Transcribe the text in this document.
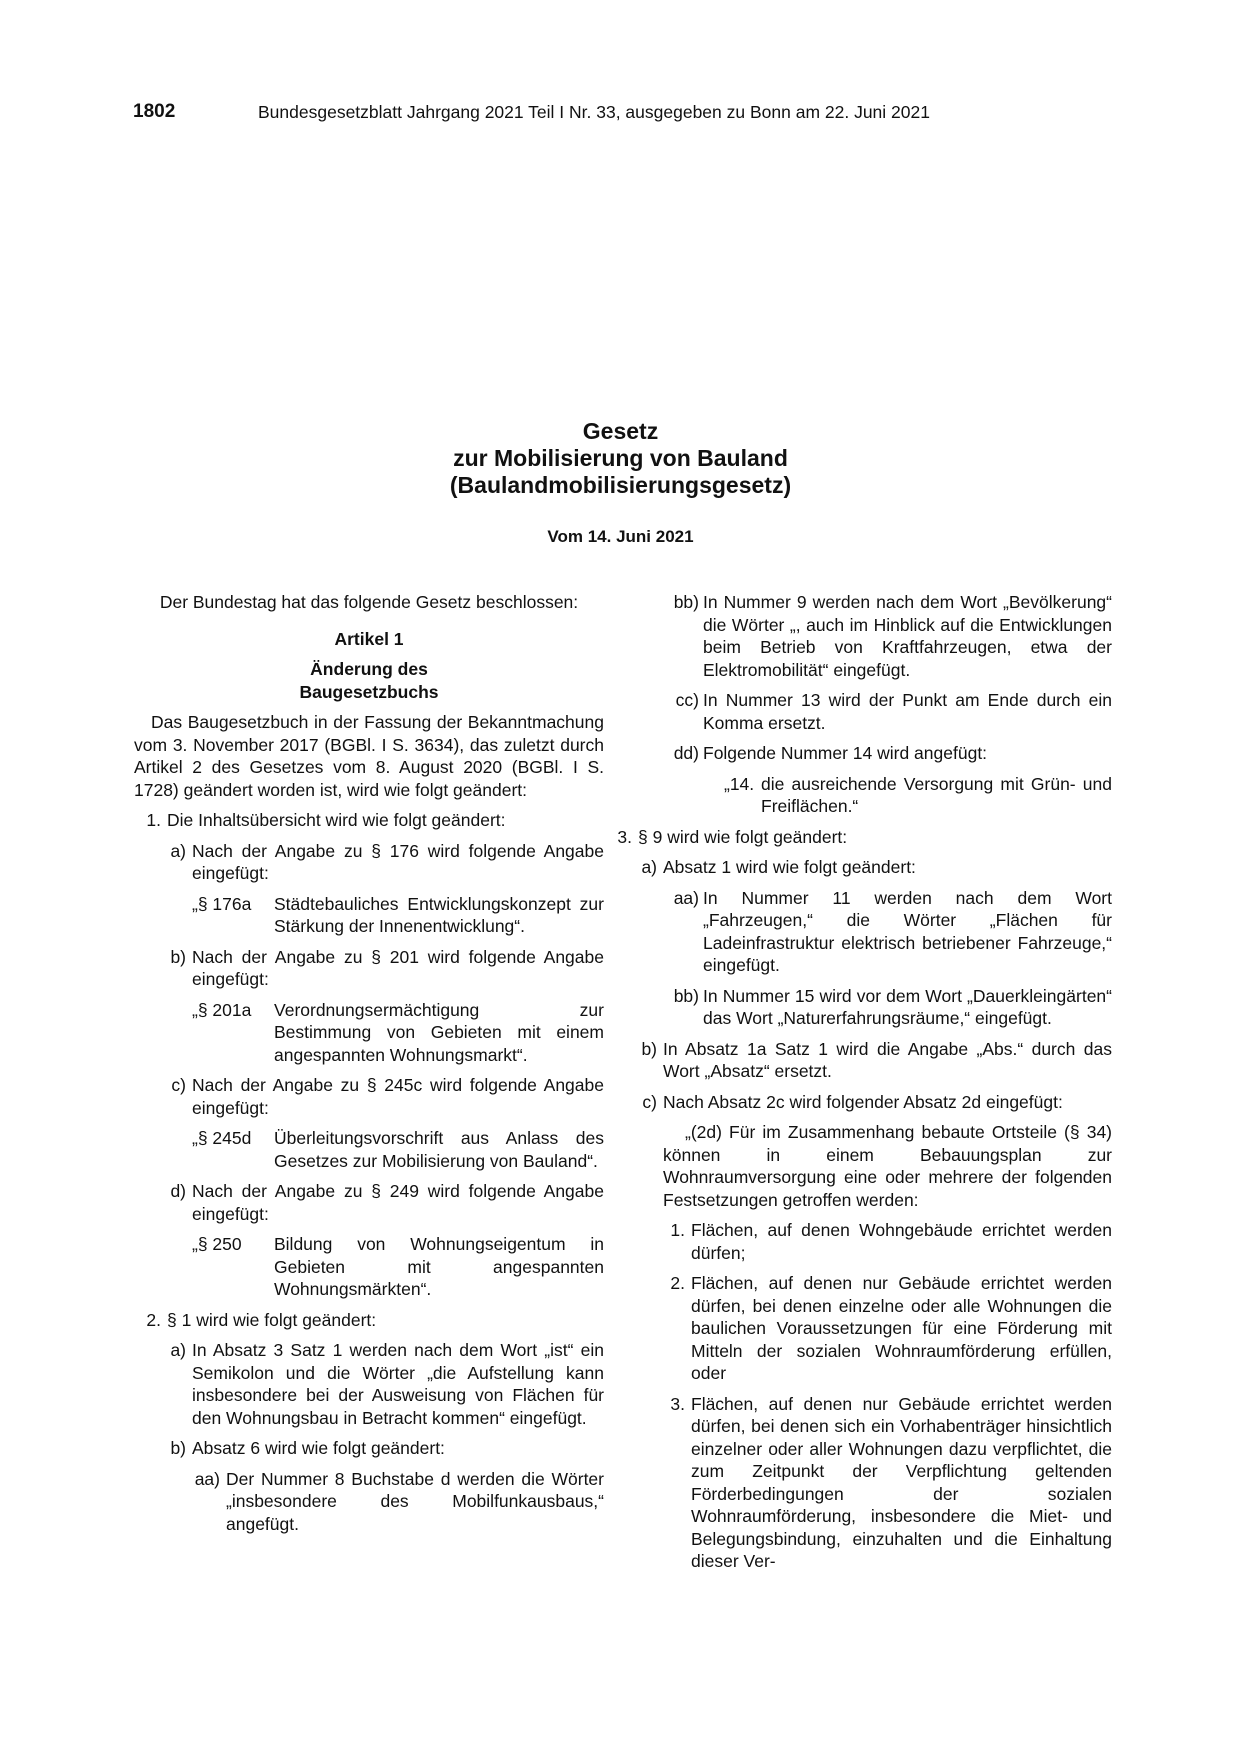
1802	Bundesgesetzblatt Jahrgang 2021 Teil I Nr. 33, ausgegeben zu Bonn am 22. Juni 2021
Gesetz
zur Mobilisierung von Bauland
(Baulandmobilisierungsgesetz)
Vom 14. Juni 2021

Der Bundestag hat das folgende Gesetz beschlossen:

Artikel 1
Änderung des
Baugesetzbuchs

Das Baugesetzbuch in der Fassung der Bekanntmachung vom 3. November 2017 (BGBl. I S. 3634), das zuletzt durch Artikel 2 des Gesetzes vom 8. August 2020 (BGBl. I S. 1728) geändert worden ist, wird wie folgt geändert:

1. Die Inhaltsübersicht wird wie folgt geändert:
a) Nach der Angabe zu § 176 wird folgende Angabe eingefügt:
„§ 176a	Städtebauliches Entwicklungskonzept zur Stärkung der Innenentwicklung“.
b) Nach der Angabe zu § 201 wird folgende Angabe eingefügt:
„§ 201a	Verordnungsermächtigung zur Bestimmung von Gebieten mit einem angespannten Wohnungsmarkt“.
c) Nach der Angabe zu § 245c wird folgende Angabe eingefügt:
„§ 245d	Überleitungsvorschrift aus Anlass des Gesetzes zur Mobilisierung von Bauland“.
d) Nach der Angabe zu § 249 wird folgende Angabe eingefügt:
„§ 250	Bildung von Wohnungseigentum in Gebieten mit angespannten Wohnungsmärkten“.
2. § 1 wird wie folgt geändert:
a) In Absatz 3 Satz 1 werden nach dem Wort „ist“ ein Semikolon und die Wörter „die Aufstellung kann insbesondere bei der Ausweisung von Flächen für den Wohnungsbau in Betracht kommen“ eingefügt.
b) Absatz 6 wird wie folgt geändert:
aa) Der Nummer 8 Buchstabe d werden die Wörter „insbesondere des Mobilfunkausbaus,“ angefügt.
bb) In Nummer 9 werden nach dem Wort „Bevölkerung“ die Wörter „, auch im Hinblick auf die Entwicklungen beim Betrieb von Kraftfahrzeugen, etwa der Elektromobilität“ eingefügt.
cc) In Nummer 13 wird der Punkt am Ende durch ein Komma ersetzt.
dd) Folgende Nummer 14 wird angefügt:
„14. die ausreichende Versorgung mit Grün- und Freiflächen.“
3. § 9 wird wie folgt geändert:
a) Absatz 1 wird wie folgt geändert:
aa) In Nummer 11 werden nach dem Wort „Fahrzeugen,“ die Wörter „Flächen für Ladeinfrastruktur elektrisch betriebener Fahrzeuge,“ eingefügt.
bb) In Nummer 15 wird vor dem Wort „Dauerkleingärten“ das Wort „Naturerfahrungsräume,“ eingefügt.
b) In Absatz 1a Satz 1 wird die Angabe „Abs.“ durch das Wort „Absatz“ ersetzt.
c) Nach Absatz 2c wird folgender Absatz 2d eingefügt:

„(2d) Für im Zusammenhang bebaute Ortsteile (§ 34) können in einem Bebauungsplan zur Wohnraumversorgung eine oder mehrere der folgenden Festsetzungen getroffen werden:

1. Flächen, auf denen Wohngebäude errichtet werden dürfen;
2. Flächen, auf denen nur Gebäude errichtet werden dürfen, bei denen einzelne oder alle Wohnungen die baulichen Voraussetzungen für eine Förderung mit Mitteln der sozialen Wohnraumförderung erfüllen, oder
3. Flächen, auf denen nur Gebäude errichtet werden dürfen, bei denen sich ein Vorhabenträger hinsichtlich einzelner oder aller Wohnungen dazu verpflichtet, die zum Zeitpunkt der Verpflichtung geltenden Förderbedingungen der sozialen Wohnraumförderung, insbesondere die Miet- und Belegungsbindung, einzuhalten und die Einhaltung dieser Ver-
